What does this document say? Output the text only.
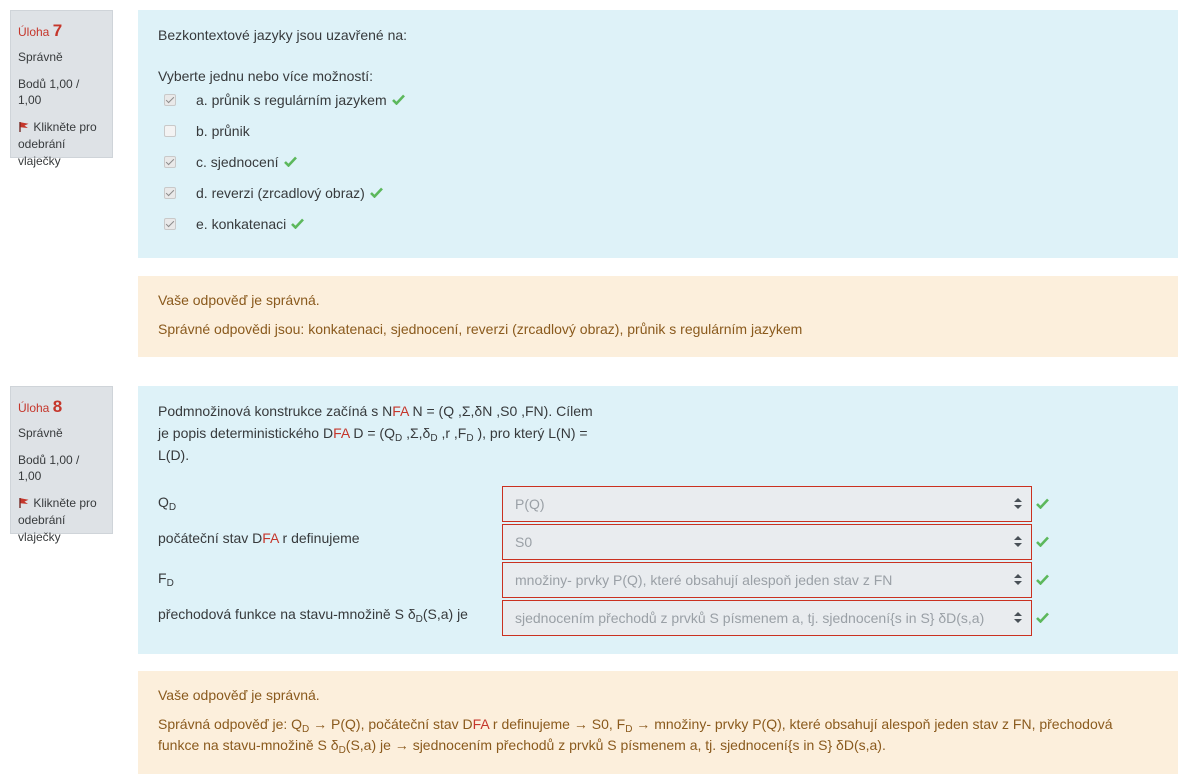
Úloha 7
Správně
Bodů 1,00 / 1,00
Klikněte pro
odebrání
vlaječky
Bezkontextové jazyky jsou uzavřené na:
Vyberte jednu nebo více možností:
a. průnik s regulárním jazykem
b. průnik
c. sjednocení
d. reverzi (zrcadlový obraz)
e. konkatenaci
Vaše odpověď je správná.
Správné odpovědi jsou: konkatenaci, sjednocení, reverzi (zrcadlový obraz), průnik s regulárním jazykem
Úloha 8
Správně
Bodů 1,00 / 1,00
Klikněte pro
odebrání
vlaječky
Podmnožinová konstrukce začíná s NFA N = (Q ,Σ,δN ,S0 ,FN). Cílem
je popis deterministického DFA $D = (Q_D$ $,\Sigma,\delta_D$ ,r $,F_D$ ), pro který L(N) =
L(D).
$Q_D$	P(Q)
počáteční stav DFA r definujeme	S0
$F_D$	množiny- prvky P(Q), které obsahují alespoň jeden stav z FN
přechodová funkce na stavu-množině S $\delta_D(S,a)$ je	sjednocením přechodů z prvků S písmenem a, tj. sjednocení{s in S} δD(s,a)
Vaše odpověď je správná.
Správná odpověď je: $Q_D \to P(Q)$, počáteční stav DFA r definujeme → S0, $F_D$ → množiny- prvky P(Q), které obsahují alespoň jeden stav z FN, přechodová
funkce na stavu-množině S $\delta_D(S,a)$ je → sjednocením přechodů z prvků S písmenem a, tj. sjednocení{s in S} δD(s,a).
